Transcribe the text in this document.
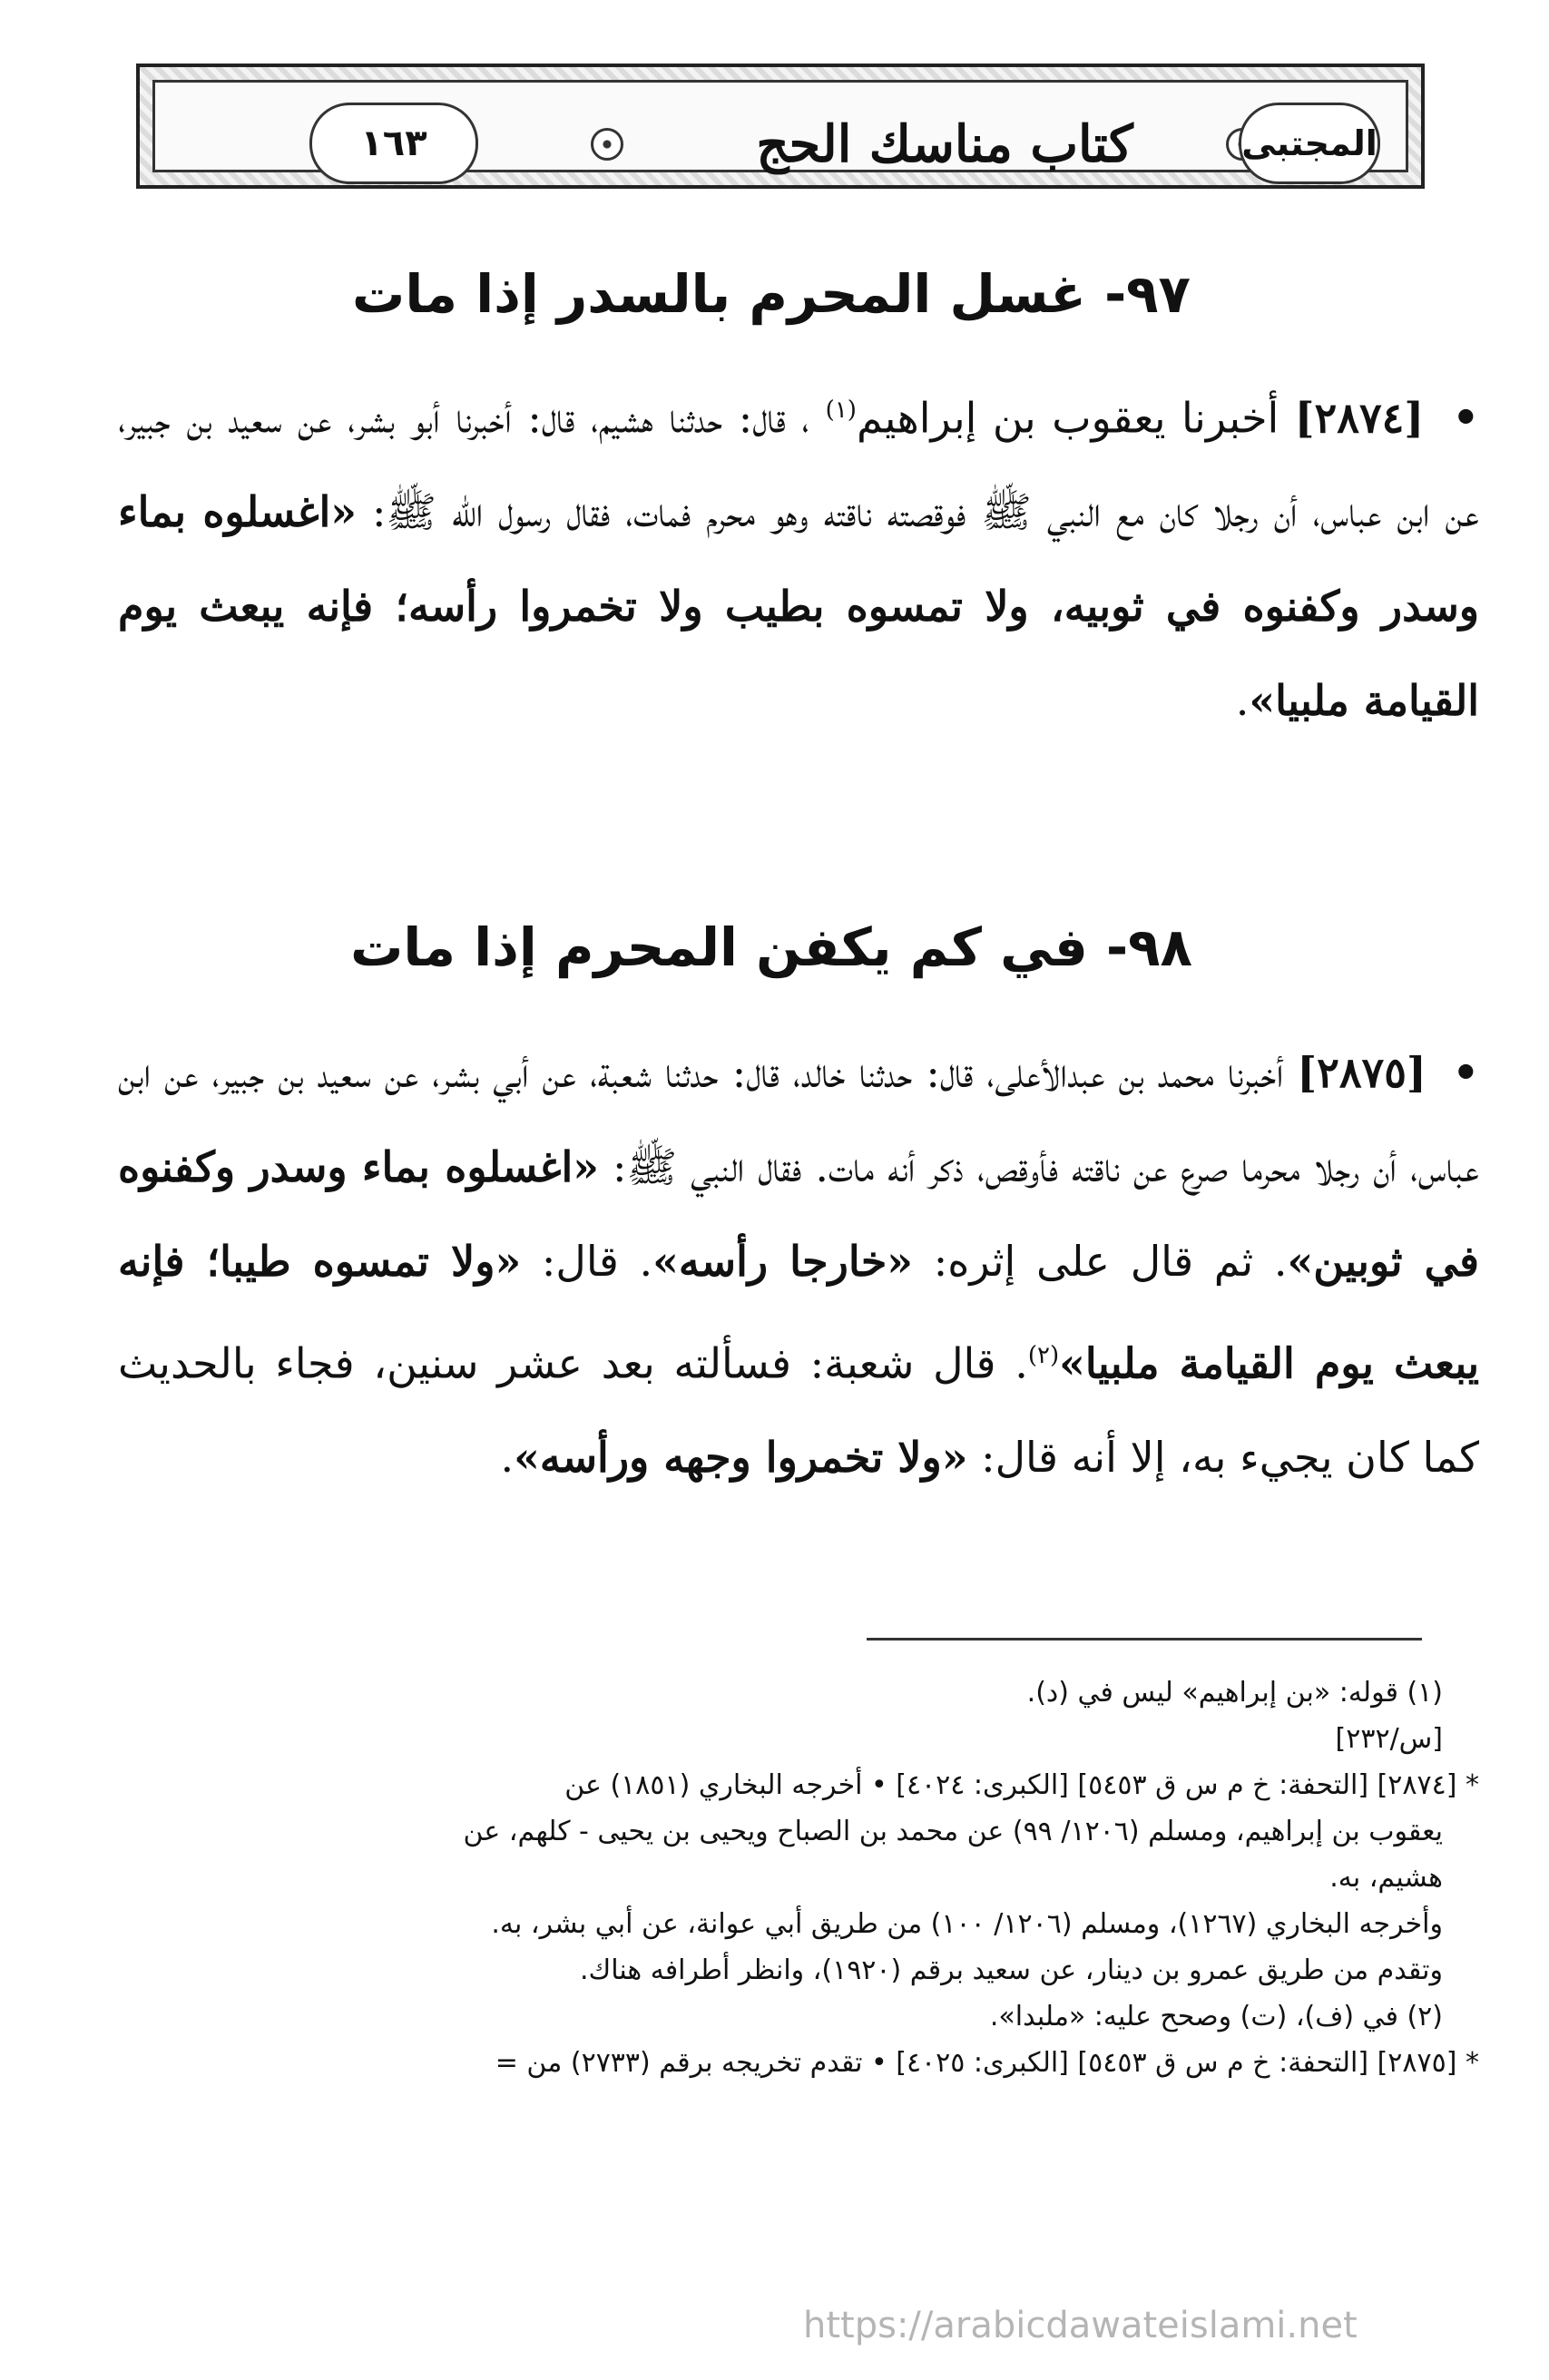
١٦٣	كتاب مناسك الحج	المجتبى
٩٧- غسل المحرم بالسدر إذا مات
• [٢٨٧٤] أخبرنا يعقوب بن إبراهيم$^{(١)}$ ، قال: حدثنا هشيم، قال: أخبرنا أبو بشر، عن سعيد بن جبير، عن ابن عباس، أن رجلا كان مع النبي ﷺ فوقصته ناقته وهو محرم فمات، فقال رسول الله ﷺ: «اغسلوه بماء وسدر وكفنوه في ثوبيه، ولا تمسوه بطيب ولا تخمروا رأسه؛ فإنه يبعث يوم القيامة ملبيا».
٩٨- في كم يكفن المحرم إذا مات
• [٢٨٧٥] أخبرنا محمد بن عبدالأعلى، قال: حدثنا خالد، قال: حدثنا شعبة، عن أبي بشر، عن سعيد بن جبير، عن ابن عباس، أن رجلا محرما صرع عن ناقته فأوقص، ذكر أنه مات. فقال النبي ﷺ: «اغسلوه بماء وسدر وكفنوه في ثوبين». ثم قال على إثره: «خارجا رأسه». قال: «ولا تمسوه طيبا؛ فإنه يبعث يوم القيامة ملبيا»$^{(٢)}$. قال شعبة: فسألته بعد عشر سنين، فجاء بالحديث كما كان يجيء به، إلا أنه قال: «ولا تخمروا وجهه ورأسه».
(١) قوله: «بن إبراهيم» ليس في (د).
[س/٢٣٢]
* [٢٨٧٤] [التحفة: خ م س ق ٥٤٥٣] [الكبرى: ٤٠٢٤] • أخرجه البخاري (١٨٥١) عن
يعقوب بن إبراهيم، ومسلم (١٢٠٦/ ٩٩) عن محمد بن الصباح ويحيى بن يحيى - كلهم، عن
هشيم، به.
وأخرجه البخاري (١٢٦٧)، ومسلم (١٢٠٦/ ١٠٠) من طريق أبي عوانة، عن أبي بشر، به.
وتقدم من طريق عمرو بن دينار، عن سعيد برقم (١٩٢٠)، وانظر أطرافه هناك.
(٢) في (ف)، (ت) وصحح عليه: «ملبدا».
* [٢٨٧٥] [التحفة: خ م س ق ٥٤٥٣] [الكبرى: ٤٠٢٥] • تقدم تخريجه برقم (٢٧٣٣) من =
https://arabicdawateislami.net
